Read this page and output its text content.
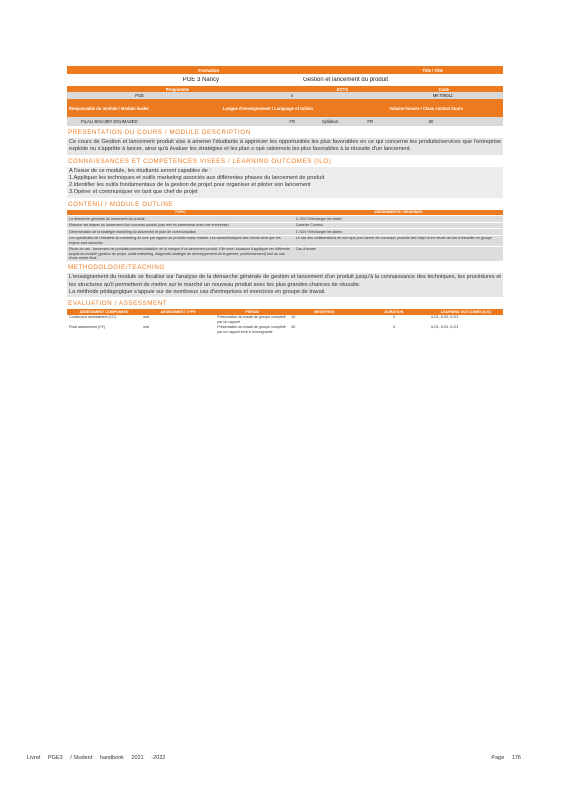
Formation	Title / Title
PGE 3 Nancy	Gestion et lancement du produit
Programme	ECTS	Code
PGE	4	MKT06011
Responsable du module / Module leader	Langue d'enseignement / Language of tuition	Volume horaire / Class contact hours
FILALI BOUJIBY DOUMAZED	FR	Syllabus:	FR	30
PRESENTATION DU COURS / MODULE DESCRIPTION
Ce cours de Gestion et lancement produit vise à amener l'étudiants à apprécier les opportunités les plus favorables en ce qui concerne les produits/services que l'entreprise exploite ou s'apprête à lancer, ainsi qu'à évaluer les stratégies et les plan s opé rationnels les plus favorables à la réussite d'un lancement.
CONNAISSANCES ET COMPETENCES VISEES / LEARNING OUTCOMES (ILO)
A l'issue de ce module, les étudiants seront capables de :
1.Appliquer les techniques et outils marketing associés aux différentes phases du lancement de produit
2.Identifier les outils fondamentaux de la gestion de projet pour organiser et piloter son lancement
3.Opérer et communiquer en tant que chef de projet
CONTENU / MODULE OUTLINE
TOPIC	ASSIGNMENTS / READINGS
La démarche générale du lancement de produit	1\ ICN Télécharger les slides
Elaborer les étapes du lancement d'un nouveau produit (cas réel en partenariat avec une entreprise)	Contrôle Continu
Détermination de la stratégie marketing du lancement et plan de communication	1\ ICN Télécharger les slides
Les spécificités de l'industrie du marketing du luxe par rapport au produits mass market. Les caractéristiques des clients ainsi que les enjeux sont associés.	Le cas des collaborations de ma rque pour lancer de nouveaux produits fait l'objet d'une étude de cas à travailler en groupe
Etude de cas : lancement de produits/commercialisation de la marque d'un lancement produit. Elle sera l'occasion d'appliquer les différents acquis du module (gestion de projet, outils marketing, diagnostic stratégie de développement de la gamme, positionnement) tout au cas d'une année final.	Cas d'année
METHODOLOGIE/TEACHING
L'enseignement du module se focalise sur l'analyse de la démarche générale de gestion et lancement d'un produit jusqu'à la connaissance des techniques, les procédures et les structures qu'il permettent de mettre sur le marché un nouveau produit avec les plus grandes chances de réussite.
La méthode pédagogique s'appuie sur de nombreux cas d'entreprises et exercices en groupe de travail.
EVALUATION / ASSESSMENT
ASSESSMENT COMPONENT	ASSESSMENT TYPE	PERIOD	WEIGHTING	DURATION	LEARNING OUTCOMES (ILO)
Continuous assessment (CC)	oral	Présentation du travail de groupe complété par un rapport	40	0	ILO1, ILO2, ILO3
Final assessment (CF)	oral	Présentation du travail de groupe complété par un rapport écrit à l'enseignante	60	0	ILO1, ILO2, ILO3
Livret PGE3 / Student handbook 2021 -2022	Page 176
